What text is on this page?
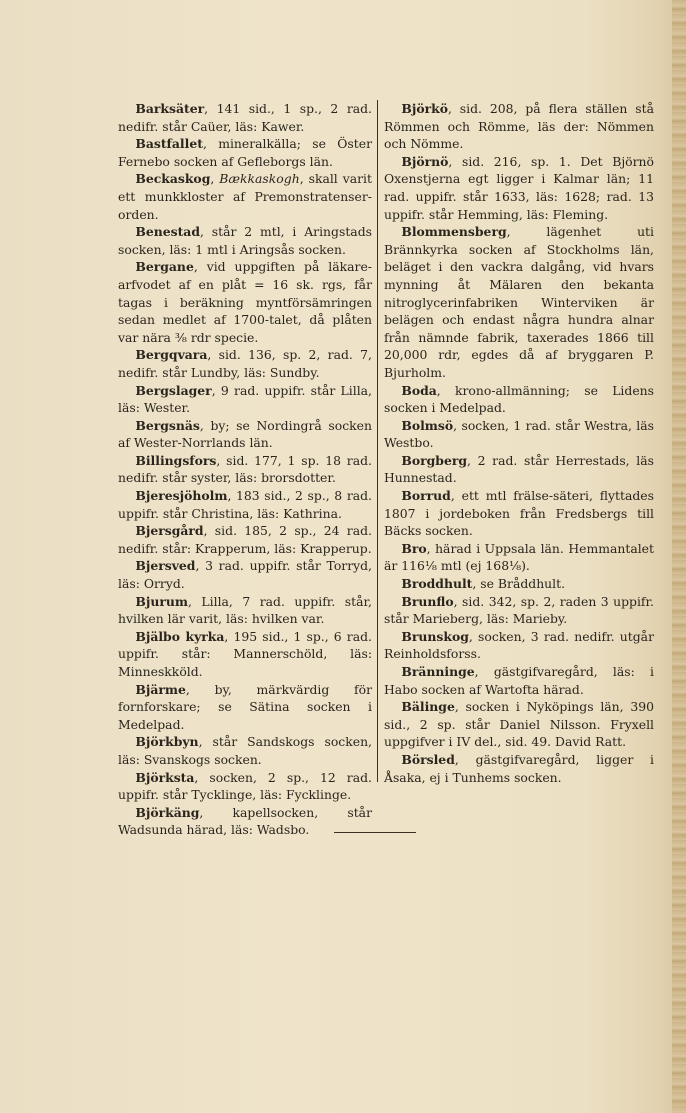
Barksäter, 141 sid., 1 sp., 2 rad. nedifr. står Caüer, läs: Kawer.

Bastfallet, mineralkälla; se Öster Fernebo socken af Gefleborgs län.

Beckaskog, Bækkaskogh, skall varit ett munkkloster af Premonstratenser-orden.

Benestad, står 2 mtl, i Aringstads socken, läs: 1 mtl i Aringsås socken.

Bergane, vid uppgiften på läkare-arfvodet af en plåt = 16 sk. rgs, får tagas i beräkning myntförsämringen sedan medlet af 1700-talet, då plåten var nära ⅜ rdr specie.

Bergqvara, sid. 136, sp. 2, rad. 7, nedifr. står Lundby, läs: Sundby.

Bergslager, 9 rad. uppifr. står Lilla, läs: Wester.

Bergsnäs, by; se Nordingrå socken af Wester-Norrlands län.

Billingsfors, sid. 177, 1 sp. 18 rad. nedifr. står syster, läs: brorsdotter.

Bjeresjöholm, 183 sid., 2 sp., 8 rad. uppifr. står Christina, läs: Kathrina.

Bjersgård, sid. 185, 2 sp., 24 rad. nedifr. står: Krapperum, läs: Krapperup.

Bjersved, 3 rad. uppifr. står Torryd, läs: Orryd.

Bjurum, Lilla, 7 rad. uppifr. står, hvilken lär varit, läs: hvilken var.

Bjälbo kyrka, 195 sid., 1 sp., 6 rad. uppifr. står: Mannerschöld, läs: Minneskköld.

Bjärme, by, märkvärdig för fornforskare; se Sätina socken i Medelpad.

Björkbyn, står Sandskogs socken, läs: Svanskogs socken.

Björksta, socken, 2 sp., 12 rad. uppifr. står Tycklinge, läs: Fycklinge.

Björkäng, kapellsocken, står Wadsunda härad, läs: Wadsbo.

Björkö, sid. 208, på flera ställen stå Römmen och Römme, läs der: Nömmen och Nömme.

Björnö, sid. 216, sp. 1. Det Björnö Oxenstjerna egt ligger i Kalmar län; 11 rad. uppifr. står 1633, läs: 1628; rad. 13 uppifr. står Hemming, läs: Fleming.

Blommensberg, lägenhet uti Brännkyrka socken af Stockholms län, beläget i den vackra dalgång, vid hvars mynning åt Mälaren den bekanta nitroglycerinfabriken Winterviken är belägen och endast några hundra alnar från nämnde fabrik, taxerades 1866 till 20,000 rdr, egdes då af bryggaren P. Bjurholm.

Boda, krono-allmänning; se Lidens socken i Medelpad.

Bolmsö, socken, 1 rad. står Westra, läs Westbo.

Borgberg, 2 rad. står Herrestads, läs Hunnestad.

Borrud, ett mtl frälse-säteri, flyttades 1807 i jordeboken från Fredsbergs till Bäcks socken.

Bro, härad i Uppsala län. Hemmantalet är 116⅛ mtl (ej 168⅛).

Broddhult, se Bråddhult.

Brunflo, sid. 342, sp. 2, raden 3 uppifr. står Marieberg, läs: Marieby.

Brunskog, socken, 3 rad. nedifr. utgår Reinholdsforss.

Bränninge, gästgifvaregård, läs: i Habo socken af Wartofta härad.

Bälinge, socken i Nyköpings län, 390 sid., 2 sp. står Daniel Nilsson. Fryxell uppgifver i IV del., sid. 49. David Ratt.

Börsled, gästgifvaregård, ligger i Åsaka, ej i Tunhems socken.
